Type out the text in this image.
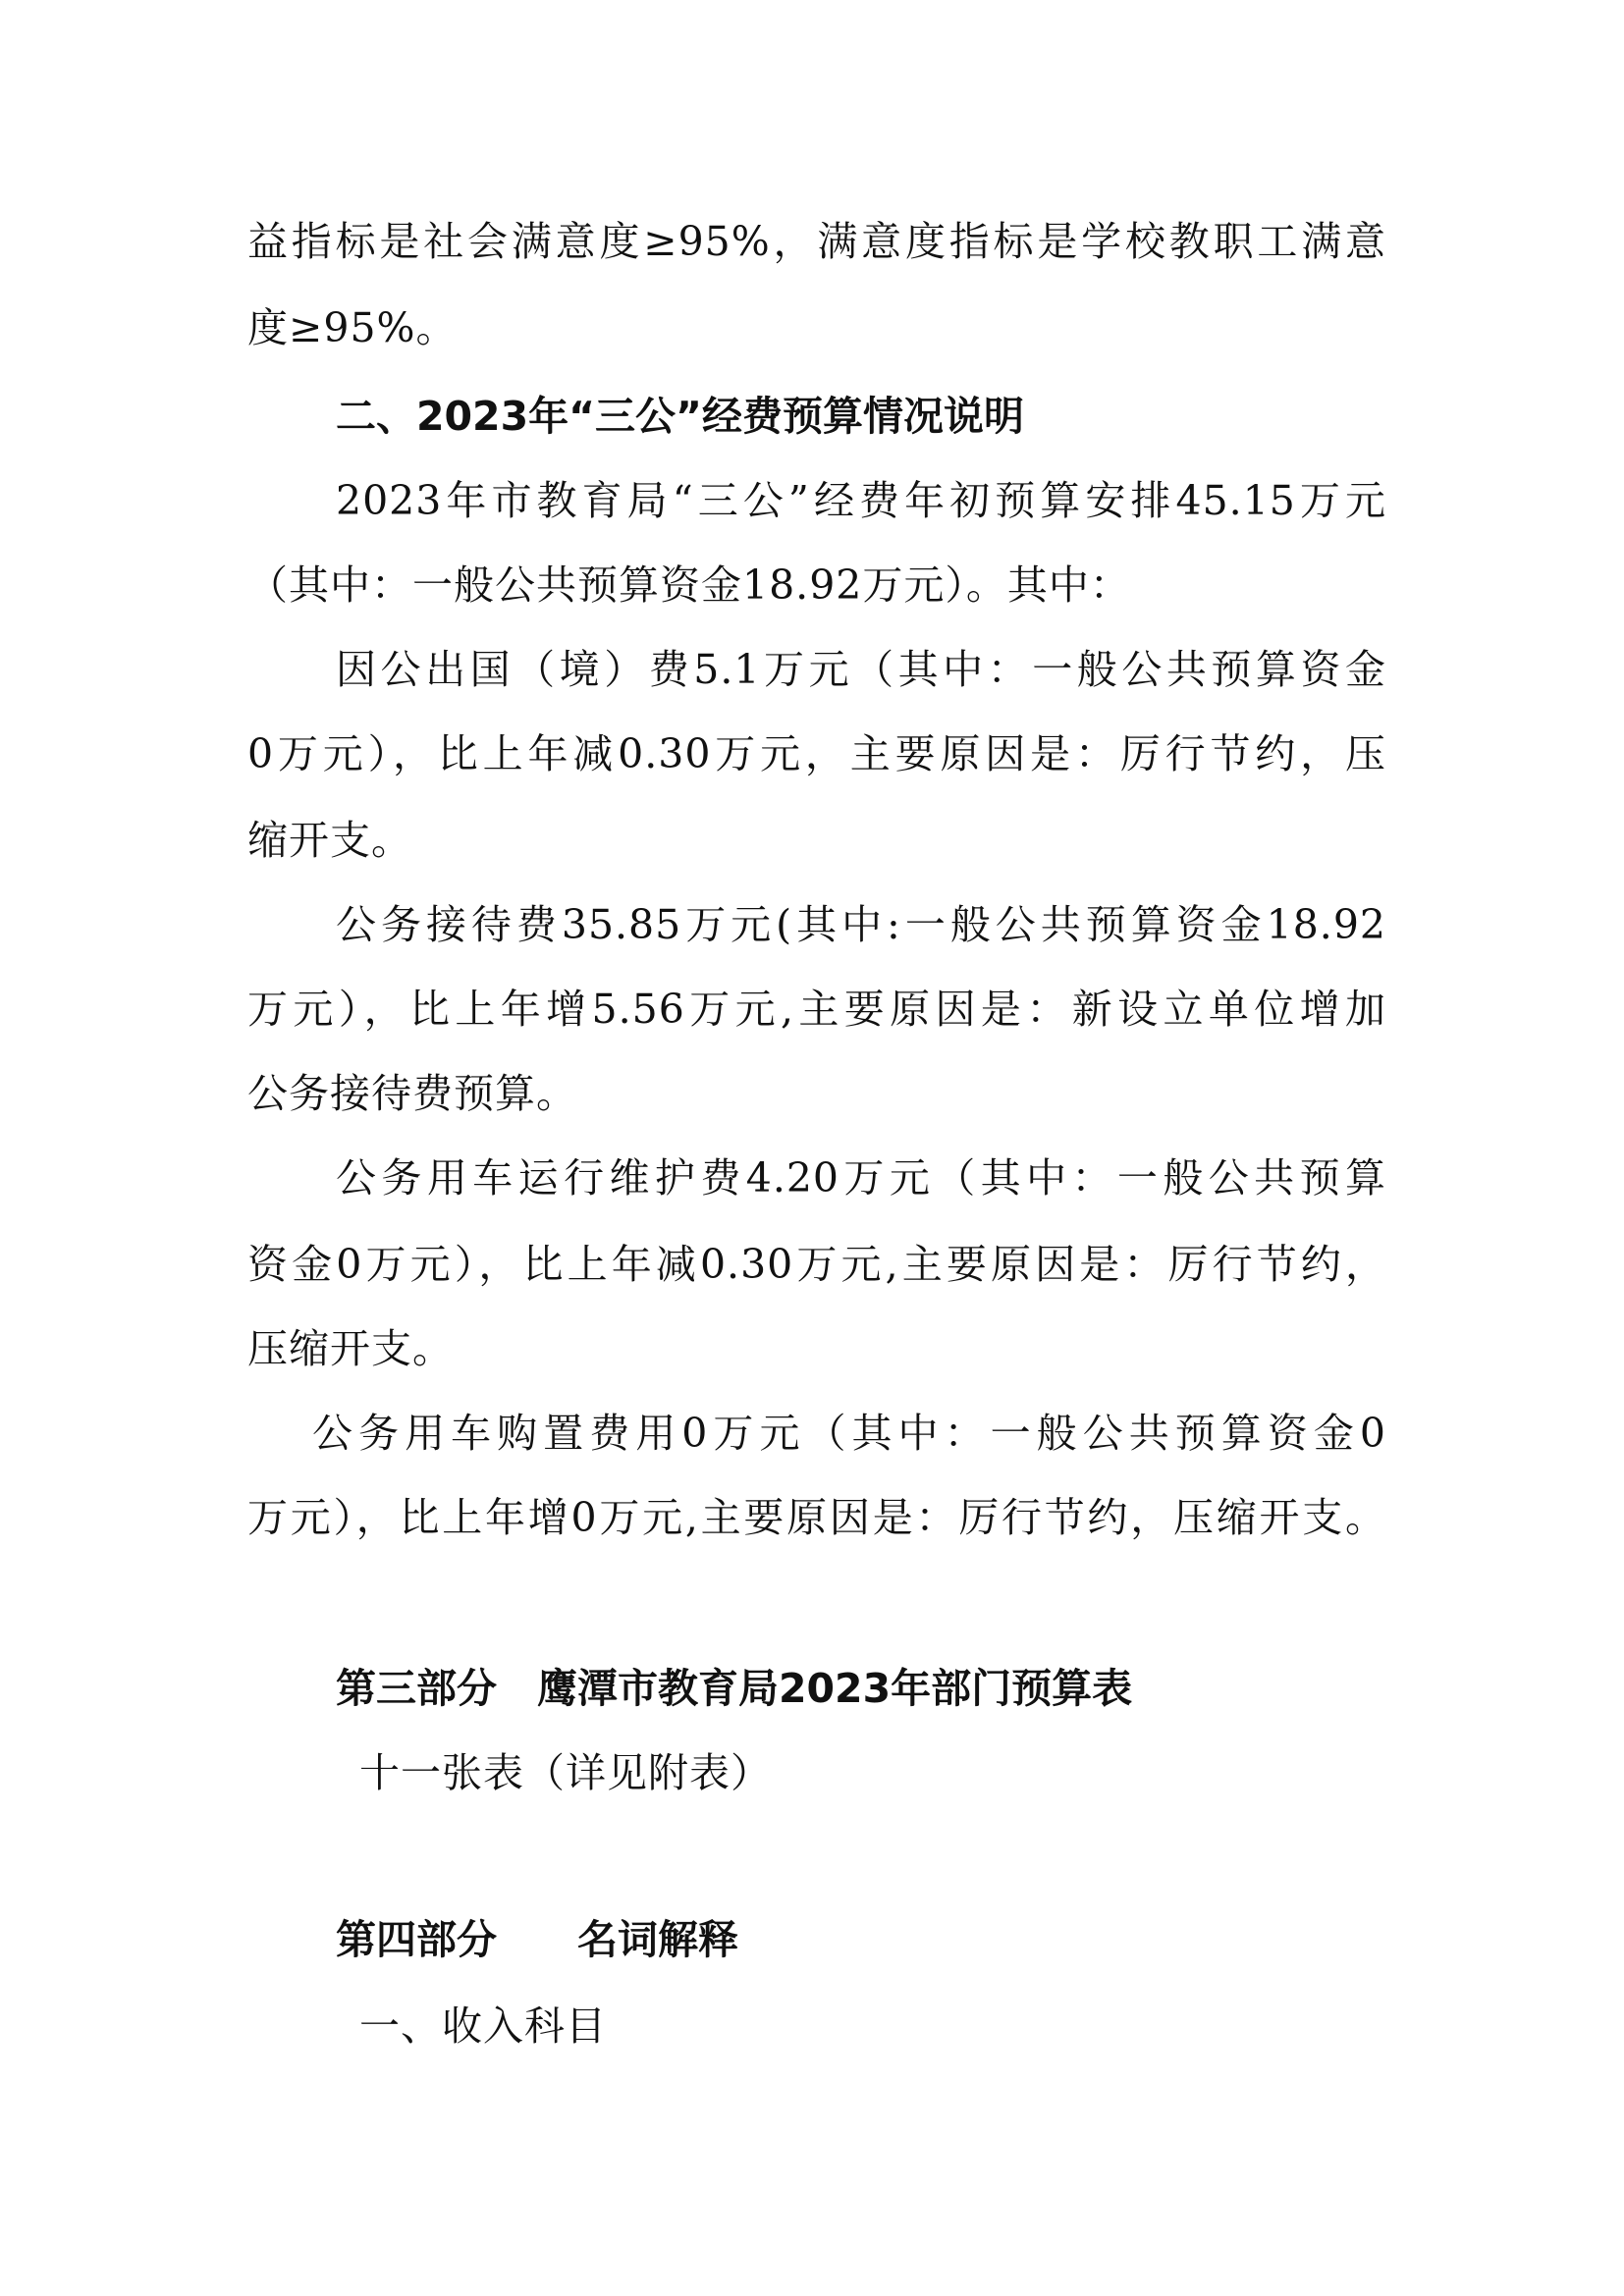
益指标是社会满意度≥95%，满意度指标是学校教职工满意
度≥95%。
二、2023年“三公”经费预算情况说明
2023年市教育局“三公”经费年初预算安排45.15万元
（其中：一般公共预算资金18.92万元）。其中：
因公出国（境）费5.1万元（其中：一般公共预算资金
0万元），比上年减0.30万元，主要原因是：厉行节约，压
缩开支。
公务接待费35.85万元(其中:一般公共预算资金18.92
万元），比上年增5.56万元,主要原因是：新设立单位增加
公务接待费预算。
公务用车运行维护费4.20万元（其中：一般公共预算
资金0万元），比上年减0.30万元,主要原因是：厉行节约，
压缩开支。
公务用车购置费用0万元（其中：一般公共预算资金0
万元），比上年增0万元,主要原因是：厉行节约，压缩开支。
第三部分　鹰潭市教育局2023年部门预算表
十一张表（详见附表）
第四部分　　名词解释
一、收入科目
